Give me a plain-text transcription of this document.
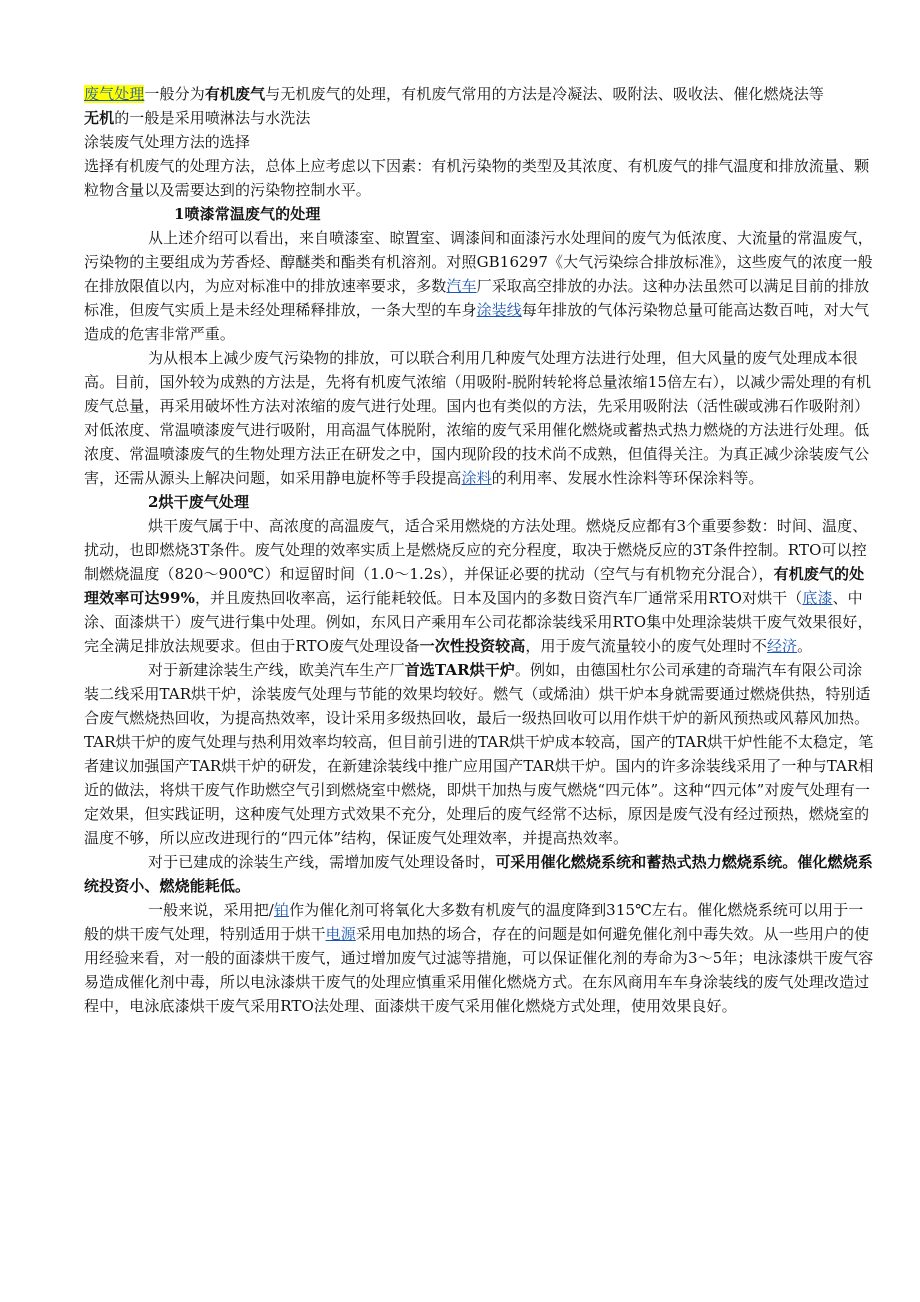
废气处理一般分为有机废气与无机废气的处理，有机废气常用的方法是冷凝法、吸附法、吸收法、催化燃烧法等
无机的一般是采用喷淋法与水洗法

涂装废气处理方法的选择

选择有机废气的处理方法，总体上应考虑以下因素：有机污染物的类型及其浓度、有机废气的排气温度和排放流量、颗粒物含量以及需要达到的污染物控制水平。

1喷漆常温废气的处理

从上述介绍可以看出，来自喷漆室、晾置室、调漆间和面漆污水处理间的废气为低浓度、大流量的常温废气，污染物的主要组成为芳香烃、醇醚类和酯类有机溶剂。对照GB16297《大气污染综合排放标准》，这些废气的浓度一般在排放限值以内，为应对标准中的排放速率要求，多数汽车厂采取高空排放的办法。这种办法虽然可以满足目前的排放标准，但废气实质上是未经处理稀释排放，一条大型的车身涂装线每年排放的气体污染物总量可能高达数百吨，对大气造成的危害非常严重。

为从根本上减少废气污染物的排放，可以联合利用几种废气处理方法进行处理，但大风量的废气处理成本很高。目前，国外较为成熟的方法是，先将有机废气浓缩（用吸附-脱附转轮将总量浓缩15倍左右），以减少需处理的有机废气总量，再采用破坏性方法对浓缩的废气进行处理。国内也有类似的方法，先采用吸附法（活性碳或沸石作吸附剂）对低浓度、常温喷漆废气进行吸附，用高温气体脱附，浓缩的废气采用催化燃烧或蓄热式热力燃烧的方法进行处理。低浓度、常温喷漆废气的生物处理方法正在研发之中，国内现阶段的技术尚不成熟，但值得关注。为真正减少涂装废气公害，还需从源头上解决问题，如采用静电旋杯等手段提高涂料的利用率、发展水性涂料等环保涂料等。

2烘干废气处理

烘干废气属于中、高浓度的高温废气，适合采用燃烧的方法处理。燃烧反应都有3个重要参数：时间、温度、扰动，也即燃烧3T条件。废气处理的效率实质上是燃烧反应的充分程度，取决于燃烧反应的3T条件控制。RTO可以控制燃烧温度（820～900℃）和逗留时间（1.0～1.2s），并保证必要的扰动（空气与有机物充分混合），有机废气的处理效率可达99%，并且废热回收率高，运行能耗较低。日本及国内的多数日资汽车厂通常采用RTO对烘干（底漆、中涂、面漆烘干）废气进行集中处理。例如，东风日产乘用车公司花都涂装线采用RTO集中处理涂装烘干废气效果很好，完全满足排放法规要求。但由于RTO废气处理设备一次性投资较高，用于废气流量较小的废气处理时不经济。

对于新建涂装生产线，欧美汽车生产厂首选TAR烘干炉。例如，由德国杜尔公司承建的奇瑞汽车有限公司涂装二线采用TAR烘干炉，涂装废气处理与节能的效果均较好。燃气（或烯油）烘干炉本身就需要通过燃烧供热，特别适合废气燃烧热回收，为提高热效率，设计采用多级热回收，最后一级热回收可以用作烘干炉的新风预热或风幕风加热。TAR烘干炉的废气处理与热利用效率均较高，但目前引进的TAR烘干炉成本较高，国产的TAR烘干炉性能不太稳定，笔者建议加强国产TAR烘干炉的研发，在新建涂装线中推广应用国产TAR烘干炉。国内的许多涂装线采用了一种与TAR相近的做法，将烘干废气作助燃空气引到燃烧室中燃烧，即烘干加热与废气燃烧“四元体”。这种“四元体”对废气处理有一定效果，但实践证明，这种废气处理方式效果不充分，处理后的废气经常不达标，原因是废气没有经过预热，燃烧室的温度不够，所以应改进现行的“四元体”结构，保证废气处理效率，并提高热效率。

对于已建成的涂装生产线，需增加废气处理设备时，可采用催化燃烧系统和蓄热式热力燃烧系统。催化燃烧系统投资小、燃烧能耗低。

一般来说，采用把/铂作为催化剂可将氧化大多数有机废气的温度降到315℃左右。催化燃烧系统可以用于一般的烘干废气处理，特别适用于烘干电源采用电加热的场合，存在的问题是如何避免催化剂中毒失效。从一些用户的使用经验来看，对一般的面漆烘干废气，通过增加废气过滤等措施，可以保证催化剂的寿命为3～5年；电泳漆烘干废气容易造成催化剂中毒，所以电泳漆烘干废气的处理应慎重采用催化燃烧方式。在东风商用车车身涂装线的废气处理改造过程中，电泳底漆烘干废气采用RTO法处理、面漆烘干废气采用催化燃烧方式处理，使用效果良好。
